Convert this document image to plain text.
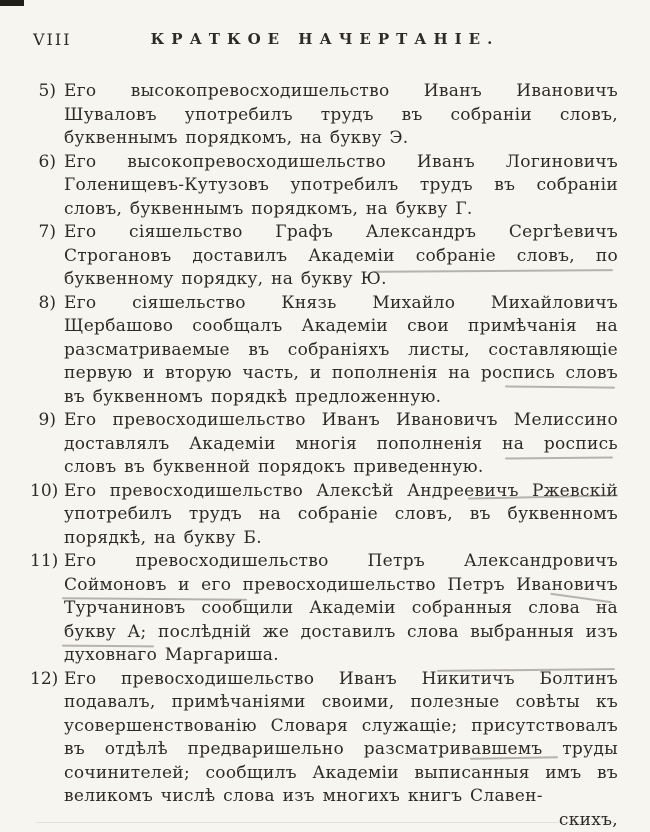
VIII	КРАТКОЕ НАЧЕРТАНІЕ.
5) Его высокопревосходишельство Иванъ Ивановичъ Шуваловъ употребилъ трудъ въ собраніи словъ, буквеннымъ порядкомъ, на букву Э.
6) Его высокопревосходишельство Иванъ Логиновичъ Голенищевъ-Кутузовъ употребилъ трудъ въ собраніи словъ, буквеннымъ порядкомъ, на букву Г.
7) Его сіяшельство Графъ Александръ Сергѣевичъ Строгановъ доставилъ Академіи собраніе словъ, по буквенному порядку, на букву Ю.
8) Его сіяшельство Князь Михайло Михайловичъ Щербашово сообщалъ Академіи свои примѣчанія на разсматриваемые въ собраніяхъ листы, составляющіе первую и вторую часть, и пополненія на роспись словъ въ буквенномъ порядкѣ предложенную.
9) Его превосходишельство Иванъ Ивановичъ Мелиссино доставлялъ Академіи многія пополненія на роспись словъ въ буквенной порядокъ приведенную.
10) Его превосходишельство Алексѣй Андреевичъ Ржевскій употребилъ трудъ на собраніе словъ, въ буквенномъ порядкѣ, на букву Б.
11) Его превосходишельство Петръ Александровичъ Соймоновъ и его превосходишельство Петръ Ивановичъ Турчаниновъ сообщили Академіи собранныя слова на букву А; послѣдній же доставилъ слова выбранныя изъ духовнаго Маргариша.
12) Его превосходишельство Иванъ Никитичъ Болтинъ подавалъ, примѣчаніями своими, полезные совѣты къ усовершенствованію Словаря служащіе; присутствовалъ въ отдѣлѣ предваришельно разсматривавшемъ труды сочинителей; сообщилъ Академіи выписанныя имъ въ великомъ числѣ слова изъ многихъ книгъ Славен-
скихъ,
